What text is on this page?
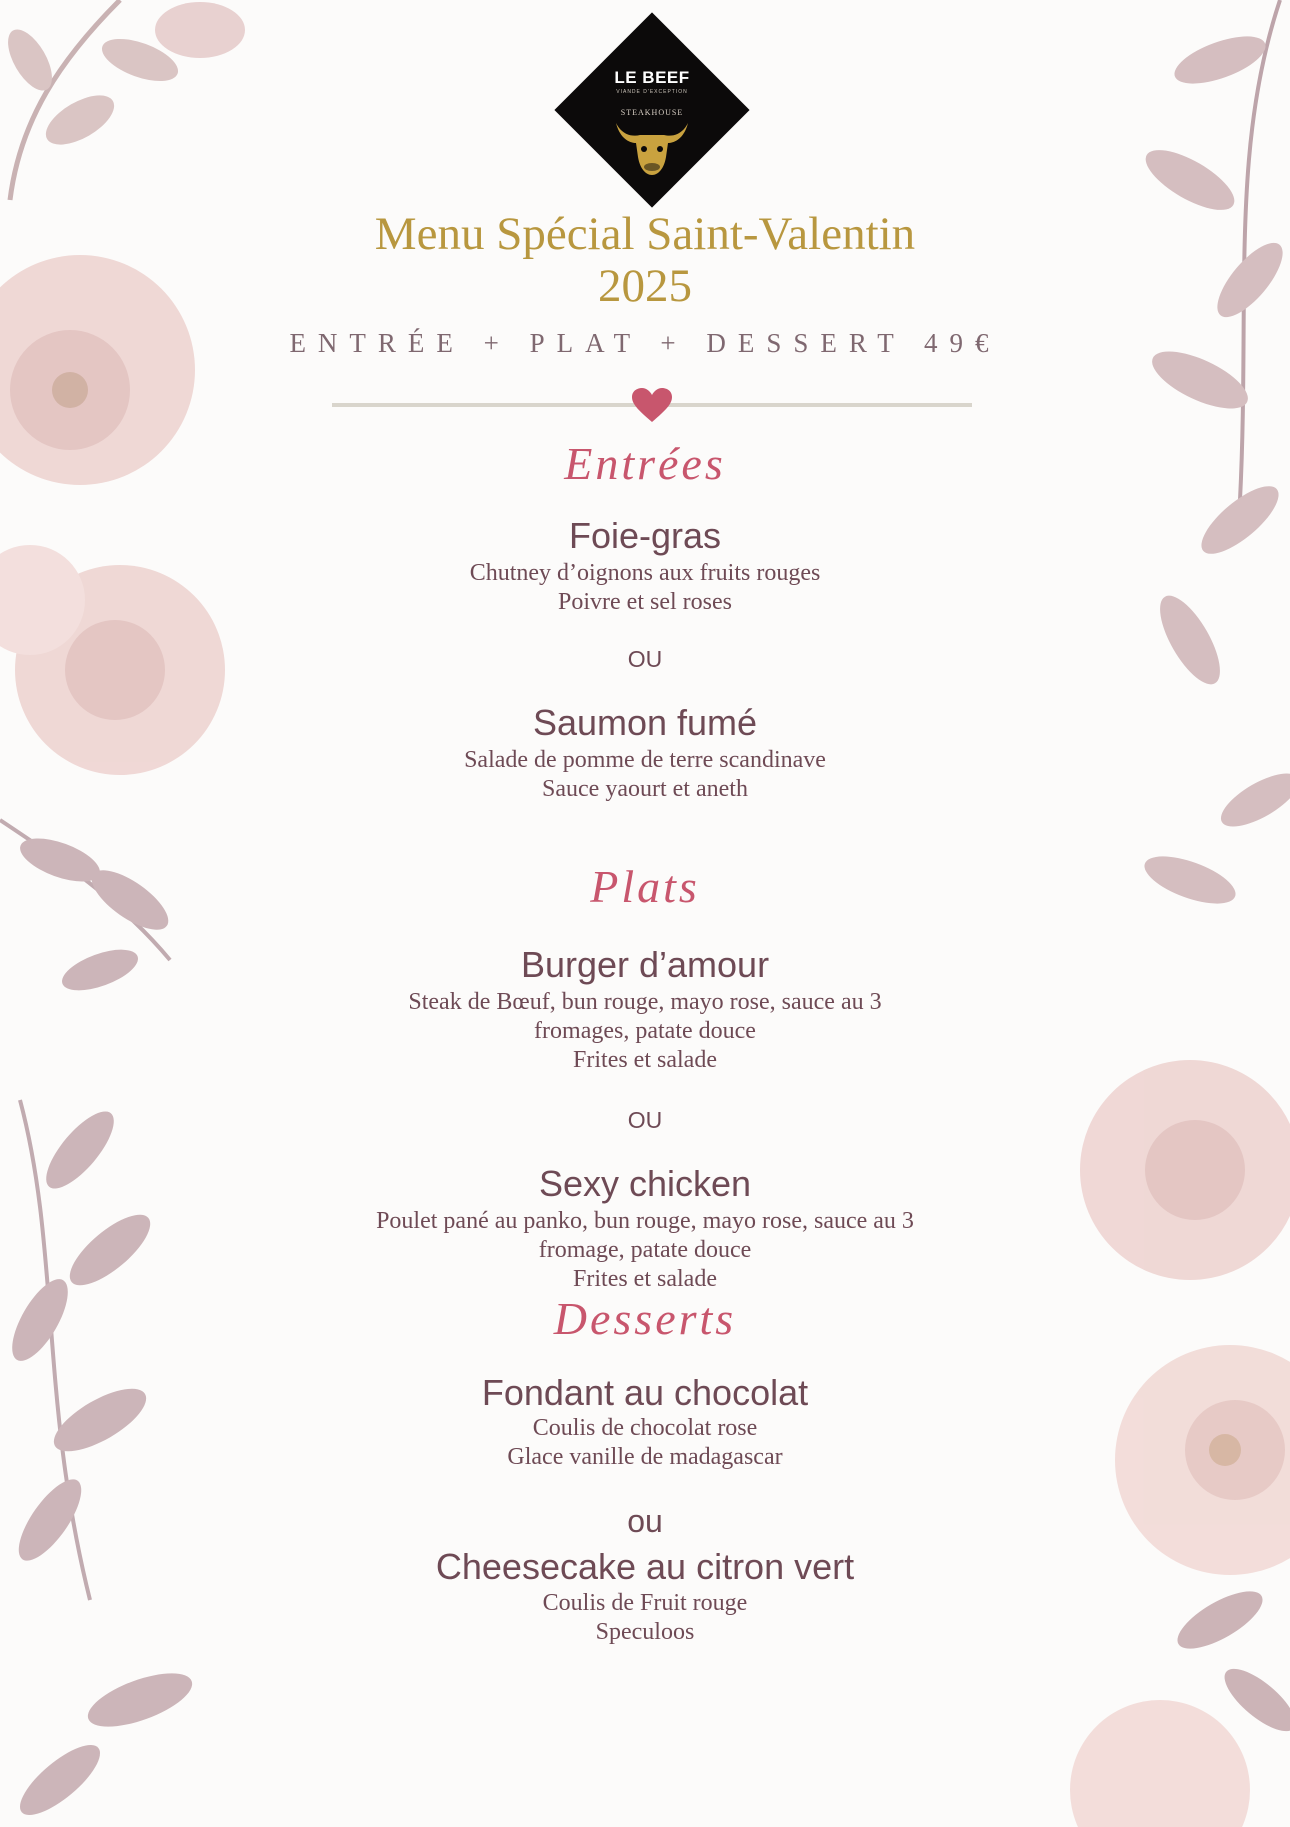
LE BEEF
VIANDE D'EXCEPTION
STEAKHOUSE
Menu Spécial Saint-Valentin
2025
ENTRÉE + PLAT + DESSERT 49€
Entrées
Foie-gras
Chutney d’oignons aux fruits rouges
Poivre et sel roses
OU
Saumon fumé
Salade de pomme de terre scandinave
Sauce yaourt et aneth
Plats
Burger d’amour
Steak de Bœuf, bun rouge, mayo rose, sauce au 3
fromages, patate douce
Frites et salade
OU
Sexy chicken
Poulet pané au panko, bun rouge, mayo rose, sauce au 3
fromage, patate douce
Frites et salade
Desserts
Fondant au chocolat
Coulis de chocolat rose
Glace vanille de madagascar
ou
Cheesecake au citron vert
Coulis de Fruit rouge
Speculoos
